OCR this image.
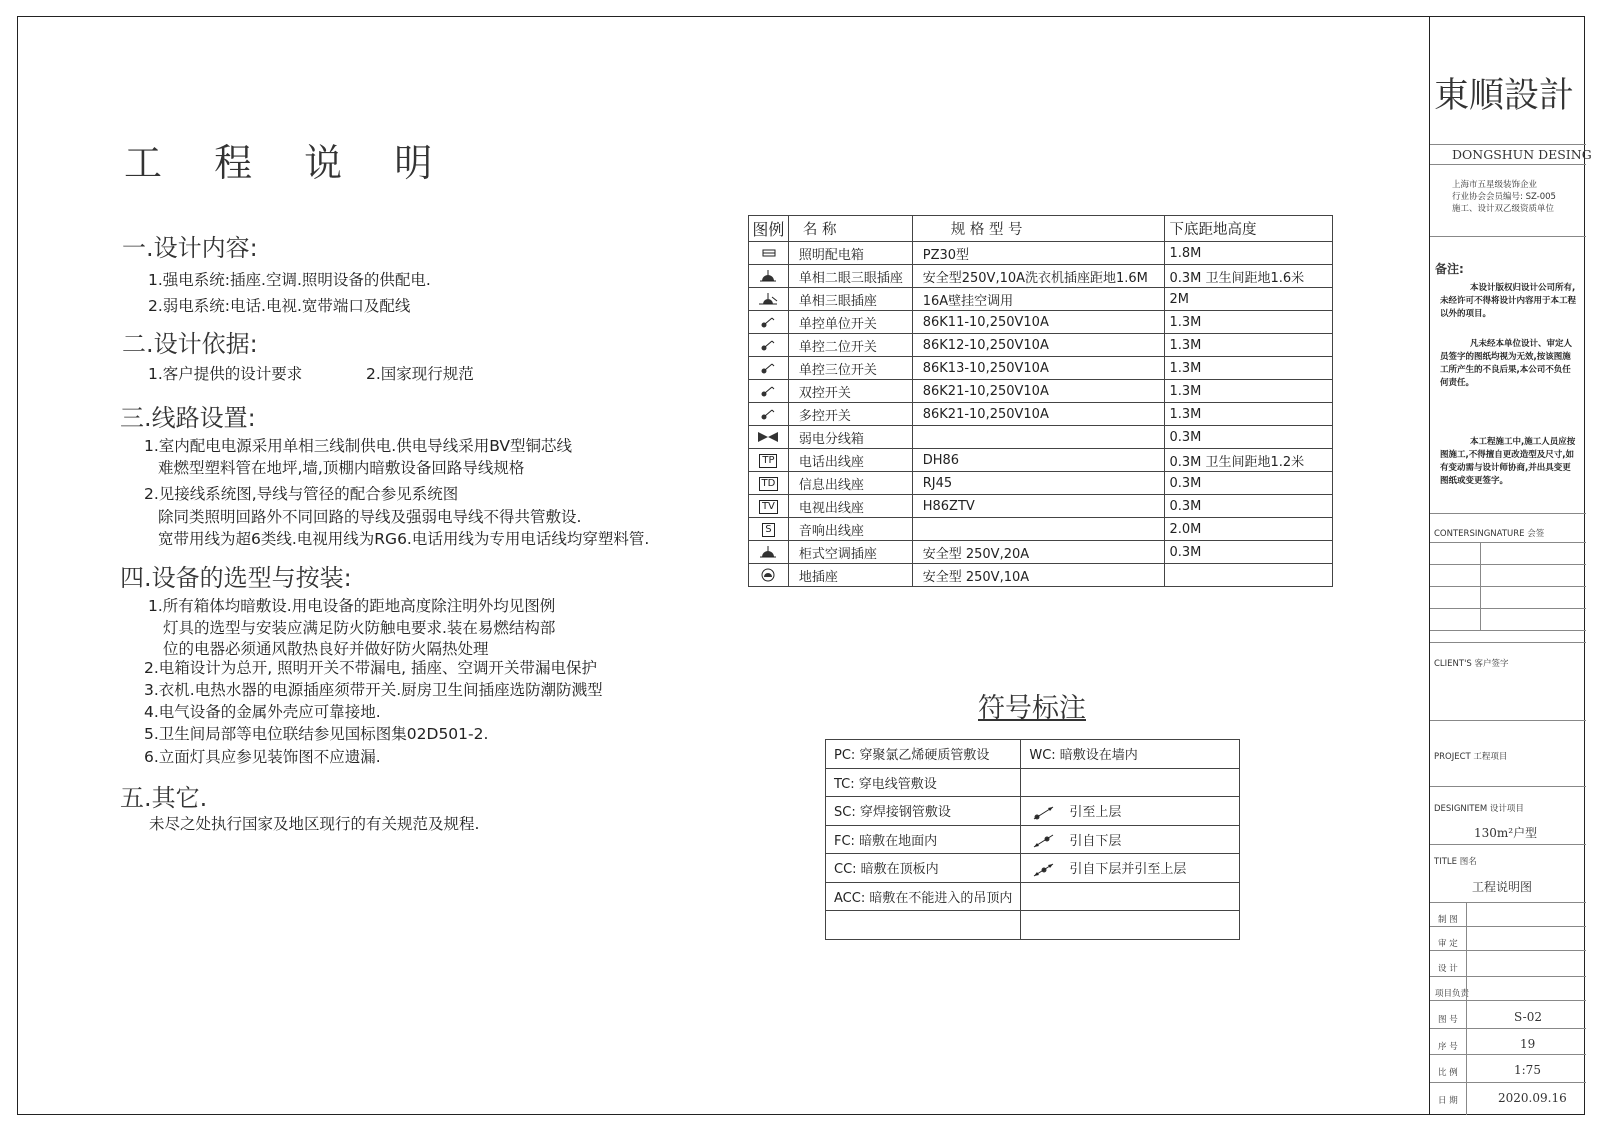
工 程 说 明
一.设计内容:
1.强电系统:插座.空调.照明设备的供配电.
2.弱电系统:电话.电视.宽带端口及配线
二.设计依据:
1.客户提供的设计要求	2.国家现行规范
三.线路设置:
1.室内配电电源采用单相三线制供电.供电导线采用BV型铜芯线
难燃型塑料管在地坪,墙,顶棚内暗敷设备回路导线规格
2.见接线系统图,导线与管径的配合参见系统图
除同类照明回路外不同回路的导线及强弱电导线不得共管敷设.
宽带用线为超6类线.电视用线为RG6.电话用线为专用电话线均穿塑料管.
四.设备的选型与按装:
1.所有箱体均暗敷设.用电设备的距地高度除注明外均见图例
灯具的选型与安装应满足防火防触电要求.装在易燃结构部
位的电器必须通风散热良好并做好防火隔热处理
2.电箱设计为总开, 照明开关不带漏电, 插座、空调开关带漏电保护
3.衣机.电热水器的电源插座须带开关.厨房卫生间插座选防潮防溅型
4.电气设备的金属外壳应可靠接地.
5.卫生间局部等电位联结参见国标图集02D501-2.
6.立面灯具应参见装饰图不应遗漏.
五.其它.
未尽之处执行国家及地区现行的有关规范及规程.
图例	名 称	规 格 型 号	下底距地高度
	照明配电箱	PZ30型	1.8M
	单相二眼三眼插座	安全型250V,10A洗衣机插座距地1.6M	0.3M 卫生间距地1.6米
	单相三眼插座	16A壁挂空调用	2M
	单控单位开关	86K11-10,250V10A	1.3M
	单控二位开关	86K12-10,250V10A	1.3M
	单控三位开关	86K13-10,250V10A	1.3M
	双控开关	86K21-10,250V10A	1.3M
	多控开关	86K21-10,250V10A	1.3M
	弱电分线箱		0.3M
TP	电话出线座	DH86	0.3M 卫生间距地1.2米
TD	信息出线座	RJ45	0.3M
TV	电视出线座	H86ZTV	0.3M
S	音响出线座		2.0M
	柜式空调插座	安全型 250V,20A	0.3M
	地插座	安全型 250V,10A	
符号标注
PC: 穿聚氯乙烯硬质管敷设	WC: 暗敷设在墙内
TC: 穿电线管敷设	
SC: 穿焊接钢管敷设	引至上层
FC: 暗敷在地面内	引自下层
CC: 暗敷在顶板内	引自下层并引至上层
ACC: 暗敷在不能进入的吊顶内	

東順設計
DONGSHUN DESING
上海市五星级装饰企业
行业协会会员编号: SZ-005
施工、设计双乙级资质单位
备注:
本设计版权归设计公司所有,未经许可不得将设计内容用于本工程以外的项目。
凡未经本单位设计、审定人员签字的图纸均视为无效,按该图施工所产生的不良后果,本公司不负任何责任。
本工程施工中,施工人员应按图施工,不得擅自更改造型及尺寸,如有变动需与设计师协商,并出具变更图纸或变更签字。
CONTERSINGNATURE 会签
CLIENT'S 客户签字
PROJECT 工程项目
DESIGNITEM 设计项目
130m²户型
TITLE 图名
工程说明图
制 图
审 定
设 计
项目负责
图 号	S-02
序 号	19
比 例	1:75
日 期	2020.09.16
